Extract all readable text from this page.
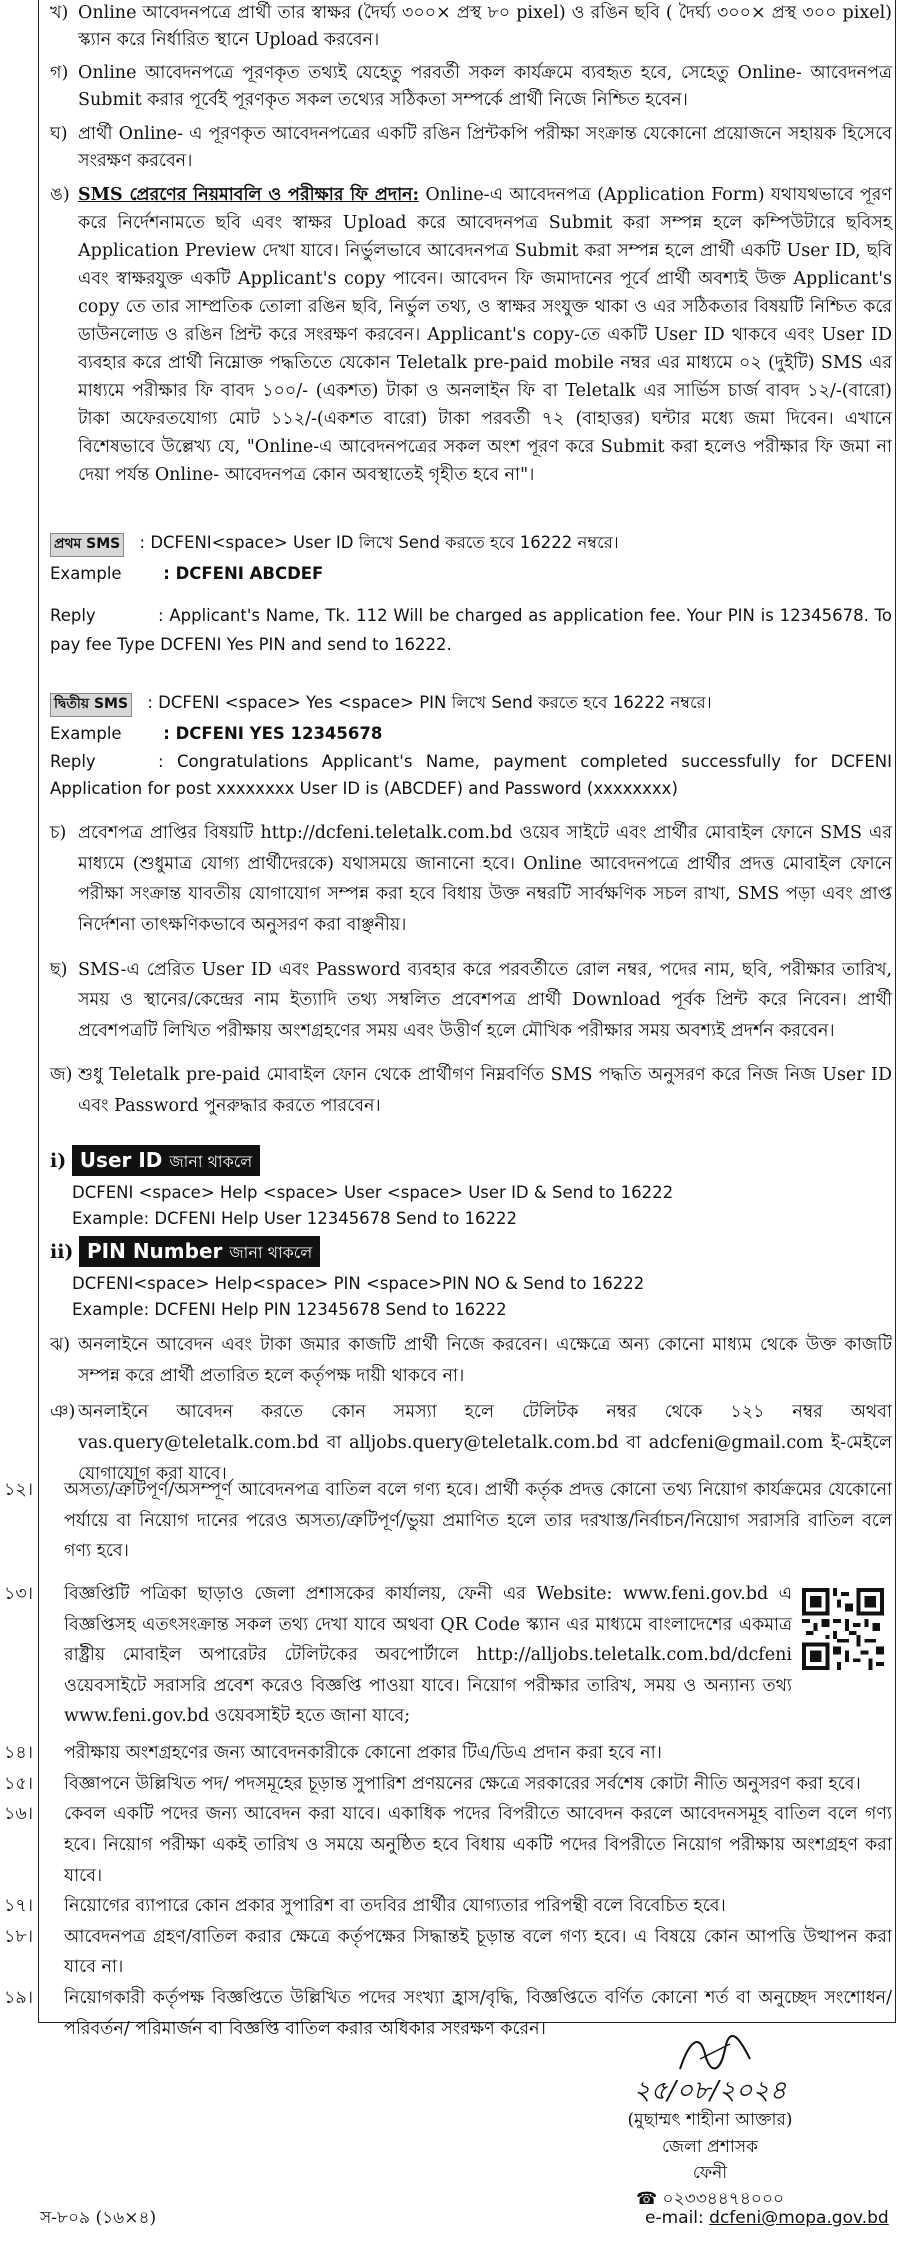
খ) Online আবেদনপত্রে প্রার্থী তার স্বাক্ষর (দৈর্ঘ্য ৩০০× প্রস্থ ৮০ pixel) ও রঙিন ছবি ( দৈর্ঘ্য ৩০০× প্রস্থ ৩০০ pixel) স্ক্যান করে নির্ধারিত স্থানে Upload করবেন।
গ) Online আবেদনপত্রে পূরণকৃত তথ্যই যেহেতু পরবর্তী সকল কার্যক্রমে ব্যবহৃত হবে, সেহেতু Online- আবেদনপত্র Submit করার পূর্বেই পূরণকৃত সকল তথ্যের সঠিকতা সম্পর্কে প্রার্থী নিজে নিশ্চিত হবেন।
ঘ) প্রার্থী Online- এ পূরণকৃত আবেদনপত্রের একটি রঙিন প্রিন্টকপি পরীক্ষা সংক্রান্ত যেকোনো প্রয়োজনে সহায়ক হিসেবে সংরক্ষণ করবেন।
ঙ) SMS প্রেরণের নিয়মাবলি ও পরীক্ষার ফি প্রদান: Online-এ আবেদনপত্র (Application Form) যথাযথভাবে পূরণ করে নির্দেশনামতে ছবি এবং স্বাক্ষর Upload করে আবেদনপত্র Submit করা সম্পন্ন হলে কম্পিউটারে ছবিসহ Application Preview দেখা যাবে। নির্ভুলভাবে আবেদনপত্র Submit করা সম্পন্ন হলে প্রার্থী একটি User ID, ছবি এবং স্বাক্ষরযুক্ত একটি Applicant's copy পাবেন। আবেদন ফি জমাদানের পূর্বে প্রার্থী অবশ্যই উক্ত Applicant's copy তে তার সাম্প্রতিক তোলা রঙিন ছবি, নির্ভুল তথ্য, ও স্বাক্ষর সংযুক্ত থাকা ও এর সঠিকতার বিষয়টি নিশ্চিত করে ডাউনলোড ও রঙিন প্রিন্ট করে সংরক্ষণ করবেন। Applicant's copy-তে একটি User ID থাকবে এবং User ID ব্যবহার করে প্রার্থী নিম্নোক্ত পদ্ধতিতে যেকোন Teletalk pre-paid mobile নম্বর এর মাধ্যমে ০২ (দুইটি) SMS এর মাধ্যমে পরীক্ষার ফি বাবদ ১০০/- (একশত) টাকা ও অনলাইন ফি বা Teletalk এর সার্ভিস চার্জ বাবদ ১২/-(বারো) টাকা অফেরতযোগ্য মোট ১১২/-(একশত বারো) টাকা পরবর্তী ৭২ (বাহাত্তর) ঘন্টার মধ্যে জমা দিবেন। এখানে বিশেষভাবে উল্লেখ্য যে, "Online-এ আবেদনপত্রের সকল অংশ পূরণ করে Submit করা হলেও পরীক্ষার ফি জমা না দেয়া পর্যন্ত Online- আবেদনপত্র কোন অবস্থাতেই গৃহীত হবে না"।
প্রথম SMS : DCFENI<space> User ID লিখে Send করতে হবে 16222 নম্বরে।
Example	: DCFENI ABCDEF
Reply	: Applicant's Name, Tk. 112 Will be charged as application fee. Your PIN is 12345678. To pay fee Type DCFENI Yes PIN and send to 16222.
দ্বিতীয় SMS : DCFENI <space> Yes <space> PIN লিখে Send করতে হবে 16222 নম্বরে।
Example	: DCFENI YES 12345678
Reply	: Congratulations Applicant's Name, payment completed successfully for DCFENI Application for post xxxxxxxx User ID is (ABCDEF) and Password (xxxxxxxx)
চ) প্রবেশপত্র প্রাপ্তির বিষয়টি http://dcfeni.teletalk.com.bd ওয়েব সাইটে এবং প্রার্থীর মোবাইল ফোনে SMS এর মাধ্যমে (শুধুমাত্র যোগ্য প্রার্থীদেরকে) যথাসময়ে জানানো হবে। Online আবেদনপত্রে প্রার্থীর প্রদত্ত মোবাইল ফোনে পরীক্ষা সংক্রান্ত যাবতীয় যোগাযোগ সম্পন্ন করা হবে বিধায় উক্ত নম্বরটি সার্বক্ষণিক সচল রাখা, SMS পড়া এবং প্রাপ্ত নির্দেশনা তাৎক্ষণিকভাবে অনুসরণ করা বাঞ্ছনীয়।
ছ) SMS-এ প্রেরিত User ID এবং Password ব্যবহার করে পরবর্তীতে রোল নম্বর, পদের নাম, ছবি, পরীক্ষার তারিখ, সময় ও স্থানের/কেন্দ্রের নাম ইত্যাদি তথ্য সম্বলিত প্রবেশপত্র প্রার্থী Download পূর্বক প্রিন্ট করে নিবেন। প্রার্থী প্রবেশপত্রটি লিখিত পরীক্ষায় অংশগ্রহণের সময় এবং উত্তীর্ণ হলে মৌখিক পরীক্ষার সময় অবশ্যই প্রদর্শন করবেন।
জ) শুধু Teletalk pre-paid মোবাইল ফোন থেকে প্রার্থীগণ নিম্নবর্ণিত SMS পদ্ধতি অনুসরণ করে নিজ নিজ User ID এবং Password পুনরুদ্ধার করতে পারবেন।
i) User ID জানা থাকলে
DCFENI <space> Help <space> User <space> User ID & Send to 16222
Example: DCFENI Help User 12345678 Send to 16222
ii) PIN Number জানা থাকলে
DCFENI<space> Help<space> PIN <space>PIN NO & Send to 16222
Example: DCFENI Help PIN 12345678 Send to 16222
ঝ) অনলাইনে আবেদন এবং টাকা জমার কাজটি প্রার্থী নিজে করবেন। এক্ষেত্রে অন্য কোনো মাধ্যম থেকে উক্ত কাজটি সম্পন্ন করে প্রার্থী প্রতারিত হলে কর্তৃপক্ষ দায়ী থাকবে না।
ঞ) অনলাইনে আবেদন করতে কোন সমস্যা হলে টেলিটক নম্বর থেকে ১২১ নম্বর অথবা vas.query@teletalk.com.bd বা alljobs.query@teletalk.com.bd বা adcfeni@gmail.com ই-মেইলে যোগাযোগ করা যাবে।
১২। অসত্য/ত্রুটিপূর্ণ/অসম্পূর্ণ আবেদনপত্র বাতিল বলে গণ্য হবে। প্রার্থী কর্তৃক প্রদত্ত কোনো তথ্য নিয়োগ কার্যক্রমের যেকোনো পর্যায়ে বা নিয়োগ দানের পরেও অসত্য/ত্রুটিপূর্ণ/ভুয়া প্রমাণিত হলে তার দরখাস্ত/নির্বাচন/নিয়োগ সরাসরি বাতিল বলে গণ্য হবে।
১৩। বিজ্ঞপ্তিটি পত্রিকা ছাড়াও জেলা প্রশাসকের কার্যালয়, ফেনী এর Website: www.feni.gov.bd এ বিজ্ঞপ্তিসহ এতৎসংক্রান্ত সকল তথ্য দেখা যাবে অথবা QR Code স্ক্যান এর মাধ্যমে বাংলাদেশের একমাত্র রাষ্ট্রীয় মোবাইল অপারেটর টেলিটকের অবপোর্টালে http://alljobs.teletalk.com.bd/dcfeni ওয়েবসাইটে সরাসরি প্রবেশ করেও বিজ্ঞপ্তি পাওয়া যাবে। নিয়োগ পরীক্ষার তারিখ, সময় ও অন্যান্য তথ্য www.feni.gov.bd ওয়েবসাইট হতে জানা যাবে;
১৪। পরীক্ষায় অংশগ্রহণের জন্য আবেদনকারীকে কোনো প্রকার টিএ/ডিএ প্রদান করা হবে না।
১৫। বিজ্ঞাপনে উল্লিখিত পদ/ পদসমূহের চূড়ান্ত সুপারিশ প্রণয়নের ক্ষেত্রে সরকারের সর্বশেষ কোটা নীতি অনুসরণ করা হবে।
১৬। কেবল একটি পদের জন্য আবেদন করা যাবে। একাধিক পদের বিপরীতে আবেদন করলে আবেদনসমূহ বাতিল বলে গণ্য হবে। নিয়োগ পরীক্ষা একই তারিখ ও সময়ে অনুষ্ঠিত হবে বিধায় একটি পদের বিপরীতে নিয়োগ পরীক্ষায় অংশগ্রহণ করা যাবে।
১৭। নিয়োগের ব্যাপারে কোন প্রকার সুপারিশ বা তদবির প্রার্থীর যোগ্যতার পরিপন্থী বলে বিবেচিত হবে।
১৮। আবেদনপত্র গ্রহণ/বাতিল করার ক্ষেত্রে কর্তৃপক্ষের সিদ্ধান্তই চূড়ান্ত বলে গণ্য হবে। এ বিষয়ে কোন আপত্তি উত্থাপন করা যাবে না।
১৯। নিয়োগকারী কর্তৃপক্ষ বিজ্ঞপ্তিতে উল্লিখিত পদের সংখ্যা হ্রাস/বৃদ্ধি, বিজ্ঞপ্তিতে বর্ণিত কোনো শর্ত বা অনুচ্ছেদ সংশোধন/ পরিবর্তন/ পরিমার্জন বা বিজ্ঞপ্তি বাতিল করার অধিকার সংরক্ষণ করেন।
২৫/০৮/২০২৪
(মুছাম্মৎ শাহীনা আক্তার)
জেলা প্রশাসক
ফেনী
☎ ০২৩৩৪৪৭৪০০০
স-৮০৯ (১৬×৪)	e-mail: dcfeni@mopa.gov.bd
